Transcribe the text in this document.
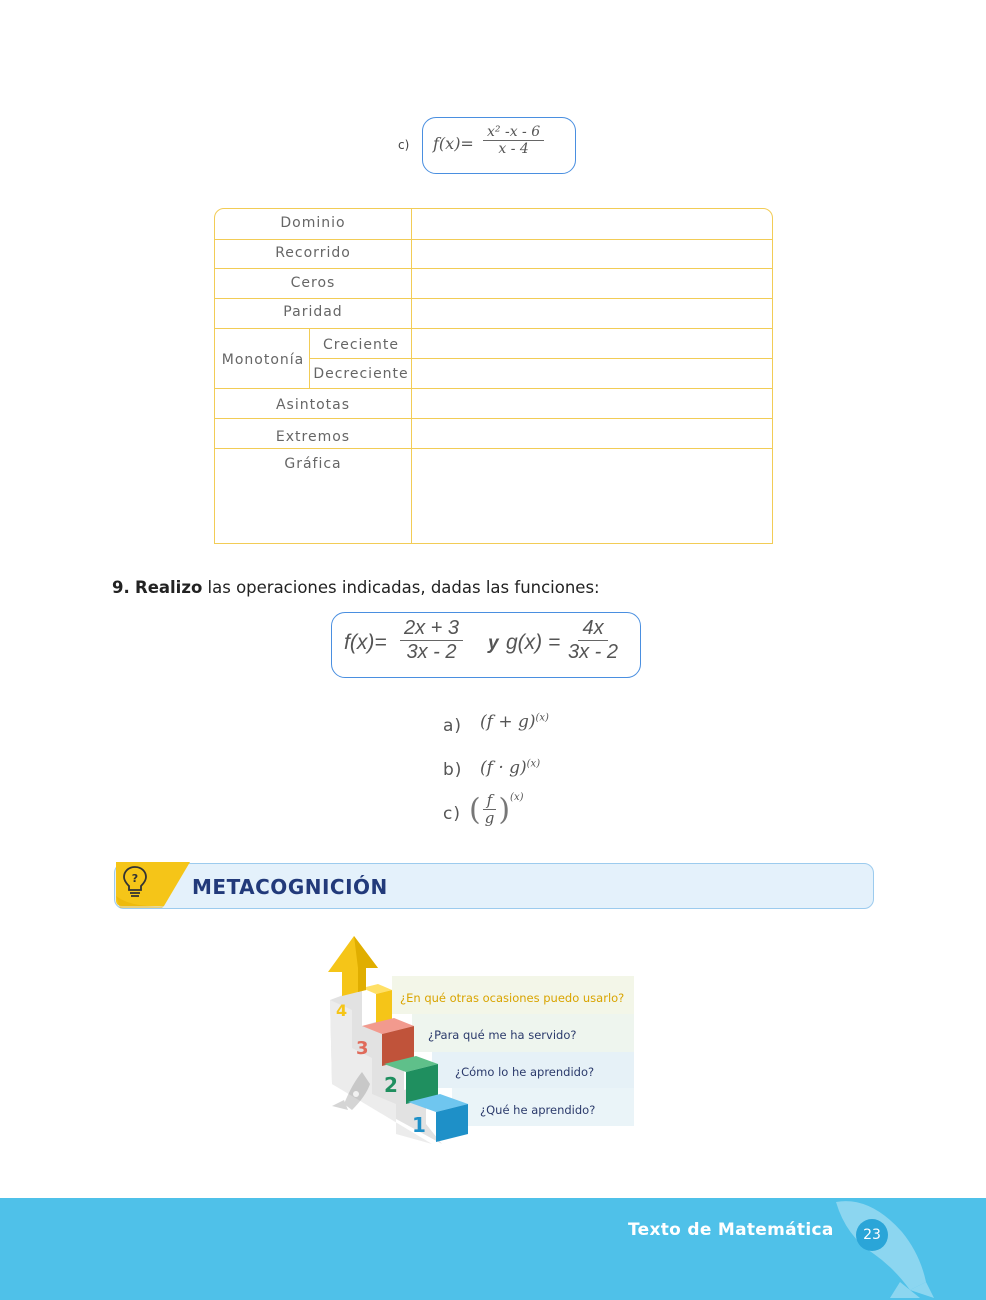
c) $f(x)= \frac{\text{x² -x - 6}}{x - 4}$
Dominio
Recorrido
Ceros
Paridad
Monotonía
Creciente
Decreciente
Asintotas
Extremos
Gráfica
9. Realizo las operaciones indicadas, dadas las funciones:
$f(x)= \frac{2x + 3}{3x - 2}$ y $g(x) = \frac{4x}{3x - 2}$
a) $(f + g)^{(x)}$
b) $(f \cdot g)^{(x)}$
c) ( $\frac{f}{g} )^{(x)}$
?	METACOGNICIÓN
4
3
2
1
¿En qué otras ocasiones puedo usarlo?
¿Para qué me ha servido?
¿Cómo lo he aprendido?
¿Qué he aprendido?
Texto de Matemática	23
